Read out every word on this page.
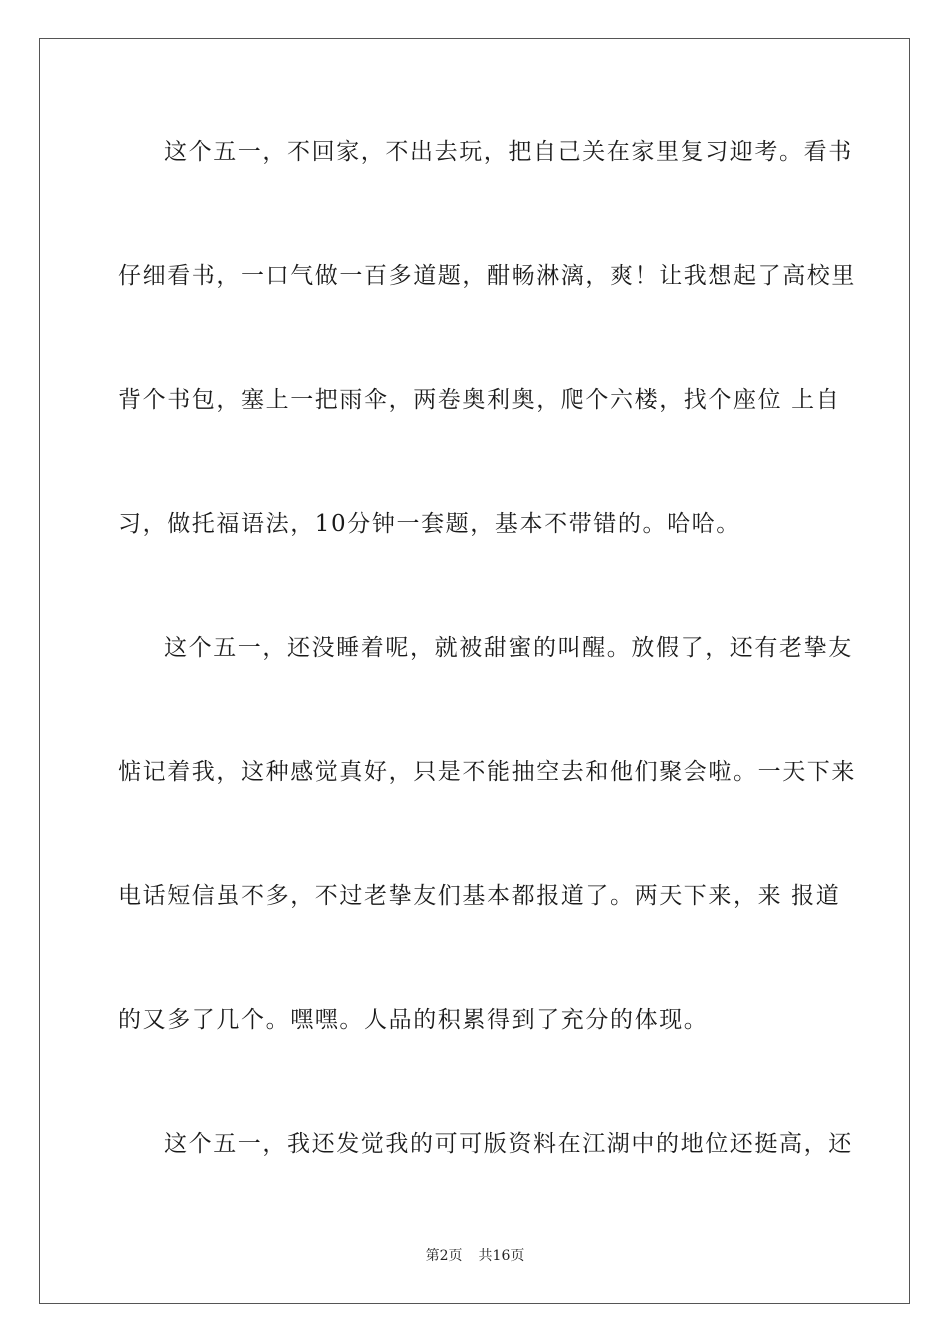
这个五一，不回家，不出去玩，把自己关在家里复习迎考。看书
仔细看书，一口气做一百多道题，酣畅淋漓，爽！让我想起了高校里
背个书包，塞上一把雨伞，两卷奥利奥，爬个六楼，找个座位 上自
习，做托福语法，10分钟一套题，基本不带错的。哈哈。
这个五一，还没睡着呢，就被甜蜜的叫醒。放假了，还有老挚友
惦记着我，这种感觉真好，只是不能抽空去和他们聚会啦。一天下来
电话短信虽不多，不过老挚友们基本都报道了。两天下来，来 报道
的又多了几个。嘿嘿。人品的积累得到了充分的体现。
这个五一，我还发觉我的可可版资料在江湖中的地位还挺高，还
第2页 共16页
